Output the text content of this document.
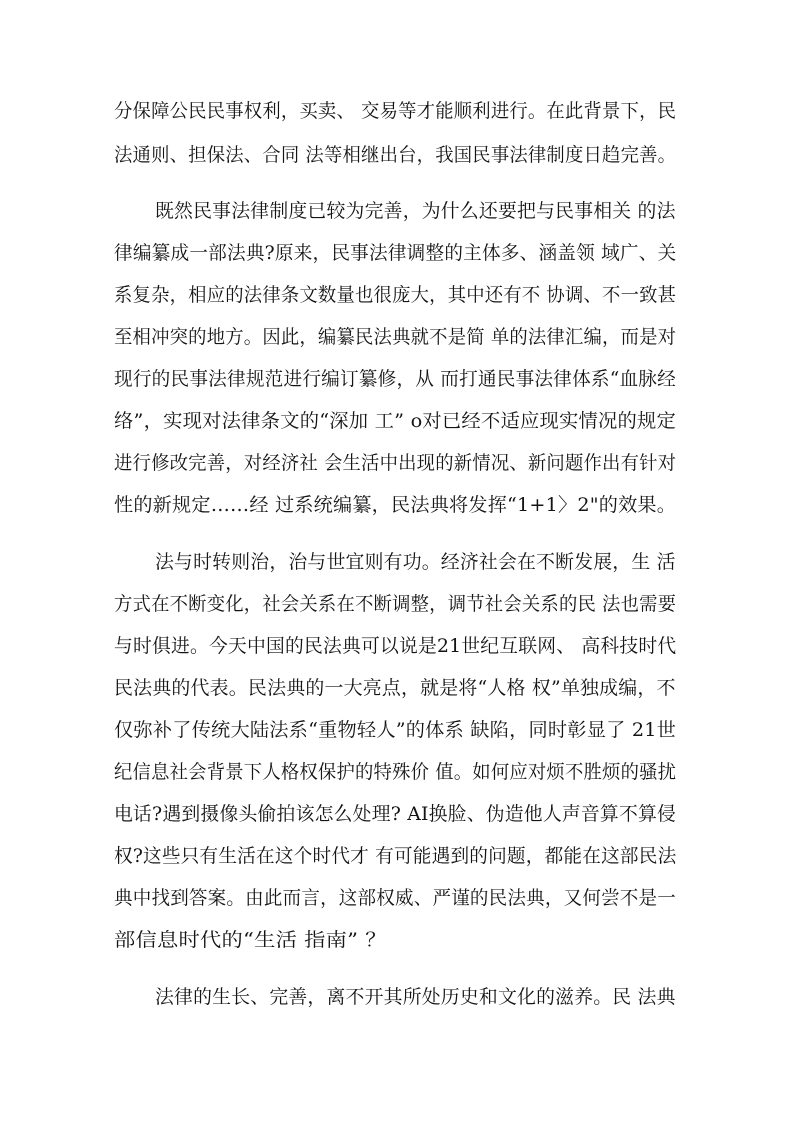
分保障公民民事权利，买卖、 交易等才能顺利进行。在此背景下，民
法通则、担保法、合同 法等相继出台，我国民事法律制度日趋完善。
既然民事法律制度已较为完善，为什么还要把与民事相关 的法
律编纂成一部法典?原来，民事法律调整的主体多、涵盖领 域广、关
系复杂，相应的法律条文数量也很庞大，其中还有不 协调、不一致甚
至相冲突的地方。因此，编纂民法典就不是简 单的法律汇编，而是对
现行的民事法律规范进行编订纂修，从 而打通民事法律体系“血脉经
络”，实现对法律条文的“深加 工” o对已经不适应现实情况的规定
进行修改完善，对经济社 会生活中出现的新情况、新问题作出有针对
性的新规定……经 过系统编纂，民法典将发挥“1+1〉2"的效果。
法与时转则治，治与世宜则有功。经济社会在不断发展，生 活
方式在不断变化，社会关系在不断调整，调节社会关系的民 法也需要
与时俱进。今天中国的民法典可以说是21世纪互联网、 高科技时代
民法典的代表。民法典的一大亮点，就是将“人格 权”单独成编，不
仅弥补了传统大陆法系“重物轻人”的体系 缺陷，同时彰显了 21世
纪信息社会背景下人格权保护的特殊价 值。如何应对烦不胜烦的骚扰
电话?遇到摄像头偷拍该怎么处理? AI换脸、伪造他人声音算不算侵
权?这些只有生活在这个时代才 有可能遇到的问题，都能在这部民法
典中找到答案。由此而言，这部权威、严谨的民法典，又何尝不是一
部信息时代的“生活 指南” ？
法律的生长、完善，离不开其所处历史和文化的滋养。民 法典
